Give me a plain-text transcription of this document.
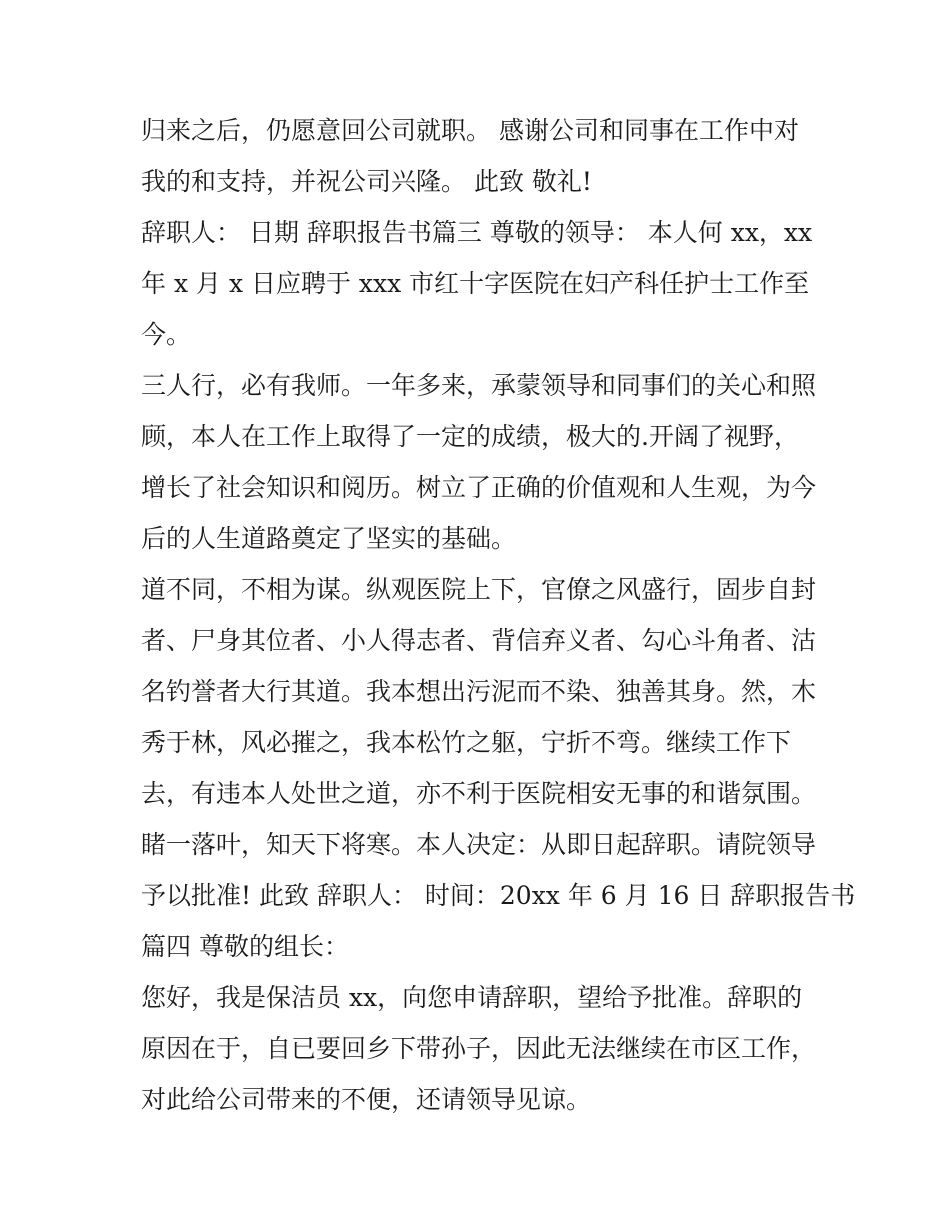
归来之后，仍愿意回公司就职。 感谢公司和同事在工作中对
我的和支持，并祝公司兴隆。 此致 敬礼!
辞职人： 日期 辞职报告书篇三 尊敬的领导： 本人何 xx，xx
年 x 月 x 日应聘于 xxx 市红十字医院在妇产科任护士工作至
今。
三人行，必有我师。一年多来，承蒙领导和同事们的关心和照
顾，本人在工作上取得了一定的成绩，极大的.开阔了视野，
增长了社会知识和阅历。树立了正确的价值观和人生观，为今
后的人生道路奠定了坚实的基础。
道不同，不相为谋。纵观医院上下，官僚之风盛行，固步自封
者、尸身其位者、小人得志者、背信弃义者、勾心斗角者、沽
名钓誉者大行其道。我本想出污泥而不染、独善其身。然，木
秀于林，风必摧之，我本松竹之躯，宁折不弯。继续工作下
去，有违本人处世之道，亦不利于医院相安无事的和谐氛围。
睹一落叶，知天下将寒。本人决定：从即日起辞职。请院领导
予以批准! 此致 辞职人： 时间：20xx 年 6 月 16 日 辞职报告书
篇四 尊敬的组长：
您好，我是保洁员 xx，向您申请辞职，望给予批准。辞职的
原因在于，自已要回乡下带孙子，因此无法继续在市区工作，
对此给公司带来的不便，还请领导见谅。
